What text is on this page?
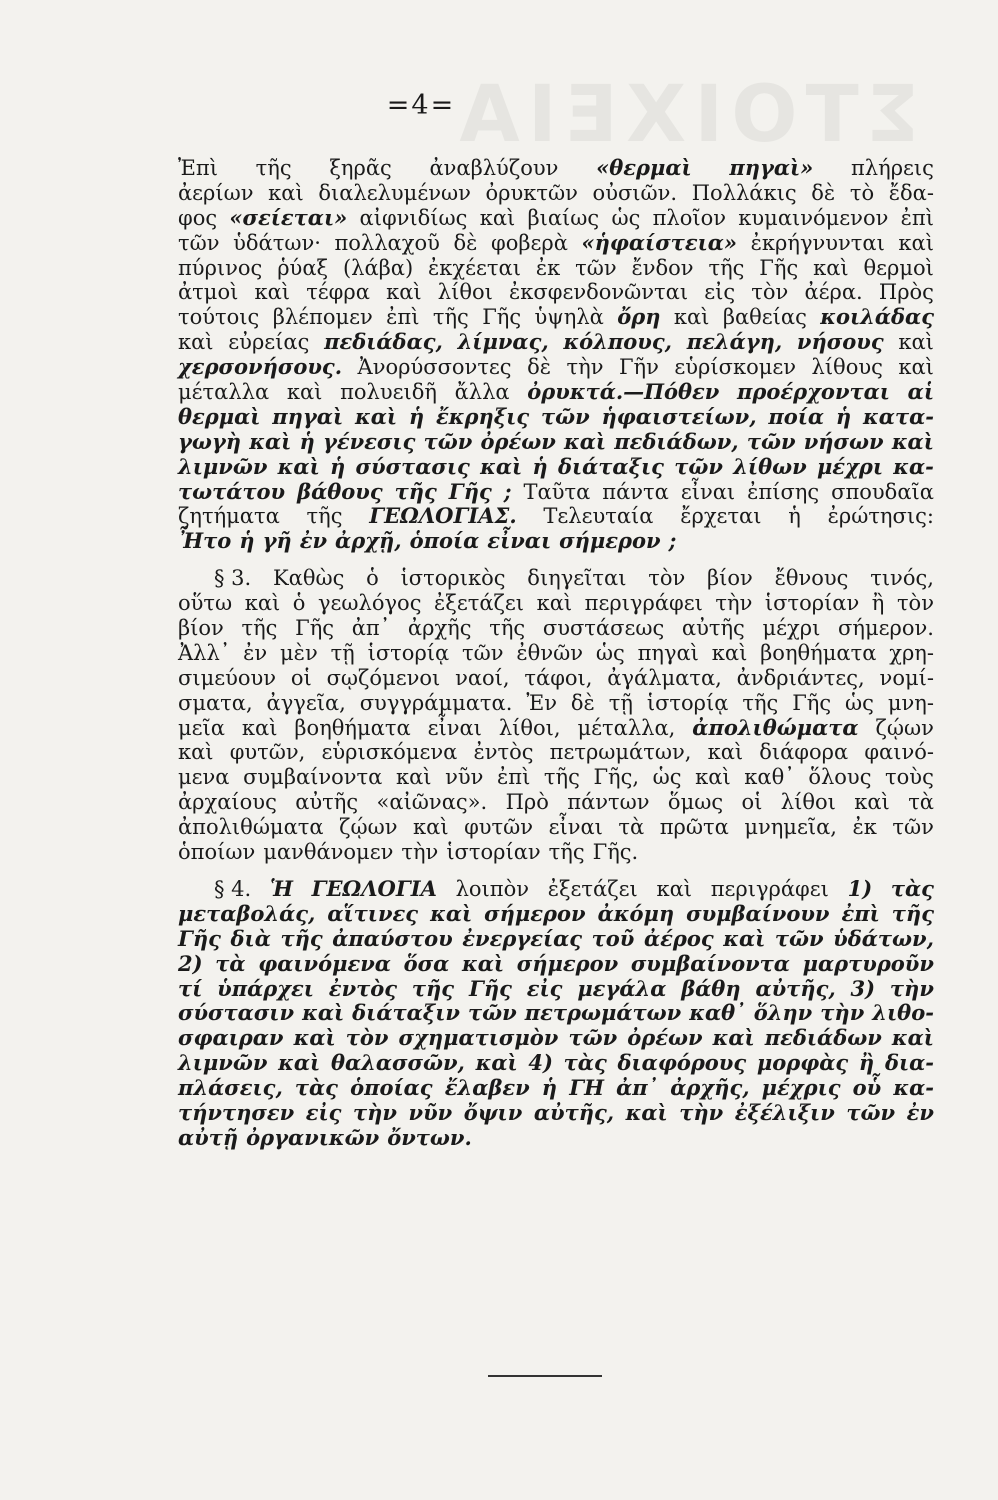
ΣΤΟΙΧΕΙΑ
=4=
Ἐπὶ τῆς ξηρᾶς ἀναβλύζουν «θερμαὶ πηγαὶ» πλήρεις
ἀερίων καὶ διαλελυμένων ὀρυκτῶν οὐσιῶν. Πολλάκις δὲ τὸ ἔδα-
φος «σείεται» αἰφνιδίως καὶ βιαίως ὡς πλοῖον κυμαινόμενον ἐπὶ
τῶν ὑδάτων· πολλαχοῦ δὲ φοβερὰ «ἡφαίστεια» ἐκρήγνυνται καὶ
πύρινος ῥύαξ (λάβα) ἐκχέεται ἐκ τῶν ἔνδον τῆς Γῆς καὶ θερμοὶ
ἀτμοὶ καὶ τέφρα καὶ λίθοι ἐκσφενδονῶνται εἰς τὸν ἀέρα. Πρὸς
τούτοις βλέπομεν ἐπὶ τῆς Γῆς ὑψηλὰ ὄρη καὶ βαθείας κοιλάδας
καὶ εὐρείας πεδιάδας, λίμνας, κόλπους, πελάγη, νήσους καὶ
χερσονήσους. Ἀνορύσσοντες δὲ τὴν Γῆν εὑρίσκομεν λίθους καὶ
μέταλλα καὶ πολυειδῆ ἄλλα ὀρυκτά.—Πόθεν προέρχονται αἱ
θερμαὶ πηγαὶ καὶ ἡ ἔκρηξις τῶν ἡφαιστείων, ποία ἡ κατα-
γωγὴ καὶ ἡ γένεσις τῶν ὀρέων καὶ πεδιάδων, τῶν νήσων καὶ
λιμνῶν καὶ ἡ σύστασις καὶ ἡ διάταξις τῶν λίθων μέχρι κα-
τωτάτου βάθους τῆς Γῆς ; Ταῦτα πάντα εἶναι ἐπίσης σπουδαῖα
ζητήματα τῆς ΓΕΩΛΟΓΙΑΣ. Τελευταία ἔρχεται ἡ ἐρώτησις:
Ἦτο ἡ γῆ ἐν ἀρχῇ, ὁποία εἶναι σήμερον ;
§ 3. Καθὼς ὁ ἱστορικὸς διηγεῖται τὸν βίον ἔθνους τινός,
οὕτω καὶ ὁ γεωλόγος ἐξετάζει καὶ περιγράφει τὴν ἱστορίαν ἢ τὸν
βίον τῆς Γῆς ἀπ᾿ ἀρχῆς τῆς συστάσεως αὐτῆς μέχρι σήμερον.
Ἀλλ᾿ ἐν μὲν τῇ ἱστορίᾳ τῶν ἐθνῶν ὡς πηγαὶ καὶ βοηθήματα χρη-
σιμεύουν οἱ σῳζόμενοι ναοί, τάφοι, ἀγάλματα, ἀνδριάντες, νομί-
σματα, ἀγγεῖα, συγγράμματα. Ἐν δὲ τῇ ἱστορίᾳ τῆς Γῆς ὡς μνη-
μεῖα καὶ βοηθήματα εἶναι λίθοι, μέταλλα, ἀπολιθώματα ζῴων
καὶ φυτῶν, εὑρισκόμενα ἐντὸς πετρωμάτων, καὶ διάφορα φαινό-
μενα συμβαίνοντα καὶ νῦν ἐπὶ τῆς Γῆς, ὡς καὶ καθ᾿ ὅλους τοὺς
ἀρχαίους αὐτῆς «αἰῶνας». Πρὸ πάντων ὅμως οἱ λίθοι καὶ τὰ
ἀπολιθώματα ζῴων καὶ φυτῶν εἶναι τὰ πρῶτα μνημεῖα, ἐκ τῶν
ὁποίων μανθάνομεν τὴν ἱστορίαν τῆς Γῆς.
§ 4. Ἡ ΓΕΩΛΟΓΙΑ λοιπὸν ἐξετάζει καὶ περιγράφει 1) τὰς
μεταβολάς, αἵτινες καὶ σήμερον ἀκόμη συμβαίνουν ἐπὶ τῆς
Γῆς διὰ τῆς ἀπαύστου ἐνεργείας τοῦ ἀέρος καὶ τῶν ὑδάτων,
2) τὰ φαινόμενα ὅσα καὶ σήμερον συμβαίνοντα μαρτυροῦν
τί ὑπάρχει ἐντὸς τῆς Γῆς εἰς μεγάλα βάθη αὐτῆς, 3) τὴν
σύστασιν καὶ διάταξιν τῶν πετρωμάτων καθ᾿ ὅλην τὴν λιθο-
σφαιραν καὶ τὸν σχηματισμὸν τῶν ὀρέων καὶ πεδιάδων καὶ
λιμνῶν καὶ θαλασσῶν, καὶ 4) τὰς διαφόρους μορφὰς ἢ δια-
πλάσεις, τὰς ὁποίας ἔλαβεν ἡ ΓΗ ἀπ᾿ ἀρχῆς, μέχρις οὗ κα-
τήντησεν εἰς τὴν νῦν ὄψιν αὐτῆς, καὶ τὴν ἐξέλιξιν τῶν ἐν
αὐτῇ ὀργανικῶν ὄντων.
